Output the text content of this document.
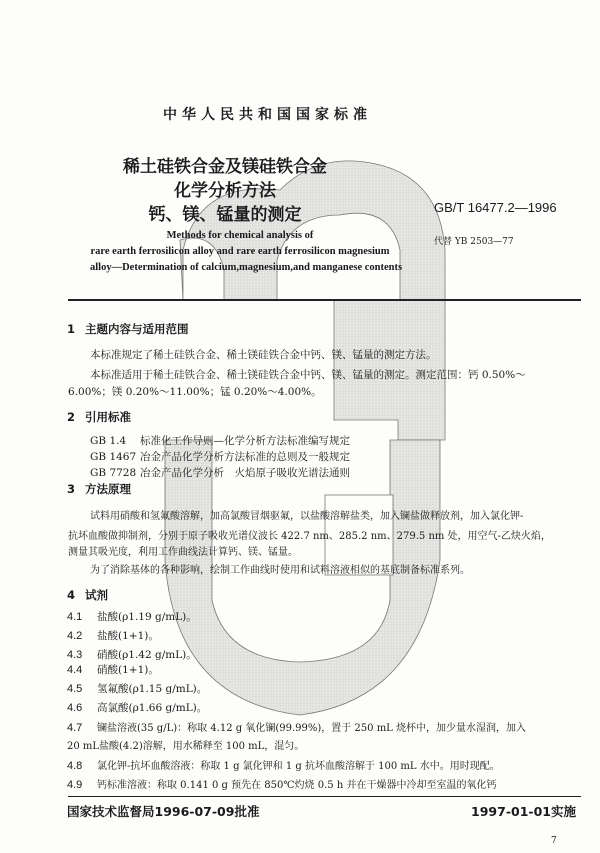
中华人民共和国国家标准
稀土硅铁合金及镁硅铁合金
化学分析方法
钙、镁、锰量的测定	GB/T 16477.2—1996
代替 YB 2503—77
Methods for chemical analysis of
rare earth ferrosilicon alloy and rare earth ferrosilicon magnesium
alloy—Determination of calcium,magnesium,and manganese contents
1 主题内容与适用范围
本标准规定了稀土硅铁合金、稀土镁硅铁合金中钙、镁、锰量的测定方法。
本标准适用于稀土硅铁合金、稀土镁硅铁合金中钙、镁、锰量的测定。测定范围：钙 0.50%～
6.00%；镁 0.20%～11.00%；锰 0.20%～4.00%。
2 引用标准
GB 1.4 标准化工作导则—化学分析方法标准编写规定
GB 1467 冶金产品化学分析方法标准的总则及一般规定
GB 7728 冶金产品化学分析　火焰原子吸收光谱法通则
3 方法原理
试料用硝酸和氢氟酸溶解，加高氯酸冒烟驱氟，以盐酸溶解盐类，加入镧盐做释放剂，加入氯化钾-
抗坏血酸做抑制剂，分别于原子吸收光谱仪波长 422.7 nm、285.2 nm、279.5 nm 处，用空气-乙炔火焰，
测量其吸光度，利用工作曲线法计算钙、镁、锰量。
为了消除基体的各种影响，绘制工作曲线时使用和试料溶液相似的基底制备标准系列。
4 试剂
4.1 盐酸(ρ1.19 g/mL)。
4.2 盐酸(1+1)。
4.3 硝酸(ρ1.42 g/mL)。
4.4 硝酸(1+1)。
4.5 氢氟酸(ρ1.15 g/mL)。
4.6 高氯酸(ρ1.66 g/mL)。
4.7 镧盐溶液(35 g/L)：称取 4.12 g 氧化镧(99.99%)，置于 250 mL 烧杯中，加少量水湿润，加入
20 mL盐酸(4.2)溶解，用水稀释至 100 mL，混匀。
4.8 氯化钾-抗坏血酸溶液：称取 1 g 氯化钾和 1 g 抗坏血酸溶解于 100 mL 水中。用时现配。
4.9 钙标准溶液：称取 0.141 0 g 预先在 850℃灼烧 0.5 h 并在干燥器中冷却至室温的氧化钙
国家技术监督局1996-07-09批准	1997-01-01实施
7
